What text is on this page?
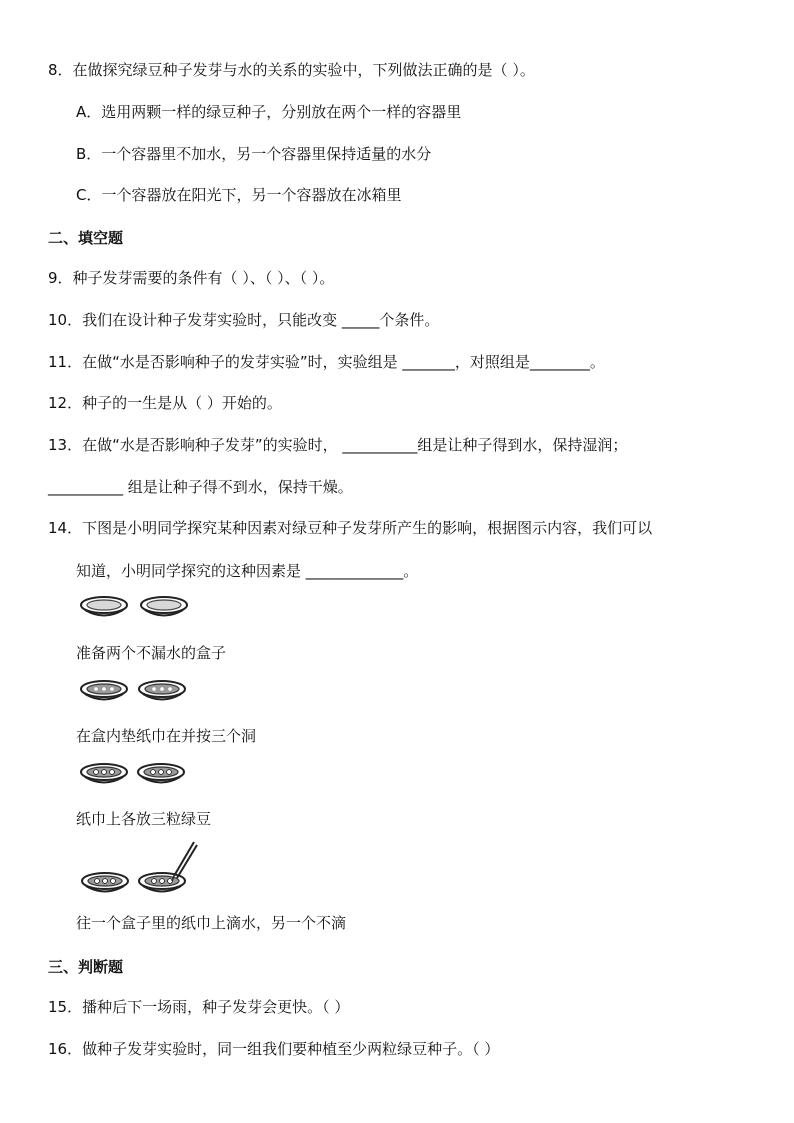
8．在做探究绿豆种子发芽与水的关系的实验中，下列做法正确的是（ ）。
A．选用两颗一样的绿豆种子，分别放在两个一样的容器里
B．一个容器里不加水，另一个容器里保持适量的水分
C．一个容器放在阳光下，另一个容器放在冰箱里
二、填空题
9．种子发芽需要的条件有（ ）、（ ）、（ ）。
10．我们在设计种子发芽实验时，只能改变 _____个条件。
11．在做“水是否影响种子的发芽实验”时，实验组是 _______，对照组是________。
12．种子的一生是从（ ）开始的。
13．在做“水是否影响种子发芽”的实验时， __________组是让种子得到水，保持湿润；
__________ 组是让种子得不到水，保持干燥。
14．下图是小明同学探究某种因素对绿豆种子发芽所产生的影响，根据图示内容，我们可以
知道，小明同学探究的这种因素是 _____________。
准备两个不漏水的盒子
在盒内垫纸巾在并按三个洞
纸巾上各放三粒绿豆
往一个盒子里的纸巾上滴水，另一个不滴
三、判断题
15．播种后下一场雨，种子发芽会更快。（ ）
16．做种子发芽实验时，同一组我们要种植至少两粒绿豆种子。（ ）
